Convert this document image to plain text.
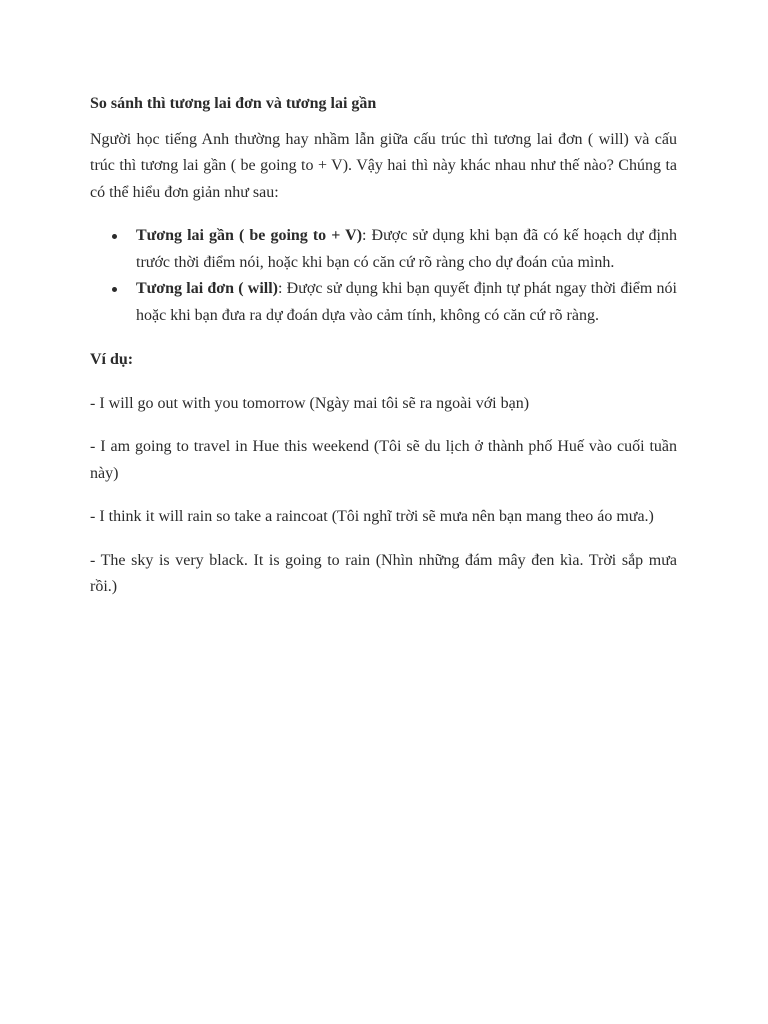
So sánh thì tương lai đơn và tương lai gần

Người học tiếng Anh thường hay nhầm lẫn giữa cấu trúc thì tương lai đơn ( will) và cấu trúc thì tương lai gần ( be going to + V). Vậy hai thì này khác nhau như thế nào? Chúng ta có thể hiểu đơn giản như sau:

Tương lai gần ( be going to + V): Được sử dụng khi bạn đã có kế hoạch dự định trước thời điểm nói, hoặc khi bạn có căn cứ rõ ràng cho dự đoán của mình.
Tương lai đơn ( will): Được sử dụng khi bạn quyết định tự phát ngay thời điểm nói hoặc khi bạn đưa ra dự đoán dựa vào cảm tính, không có căn cứ rõ ràng.

Ví dụ:

- I will go out with you tomorrow (Ngày mai tôi sẽ ra ngoài với bạn)

- I am going to travel in Hue this weekend (Tôi sẽ du lịch ở thành phố Huế vào cuối tuần này)

- I think it will rain so take a raincoat (Tôi nghĩ trời sẽ mưa nên bạn mang theo áo mưa.)

- The sky is very black. It is going to rain (Nhìn những đám mây đen kìa. Trời sắp mưa rồi.)
